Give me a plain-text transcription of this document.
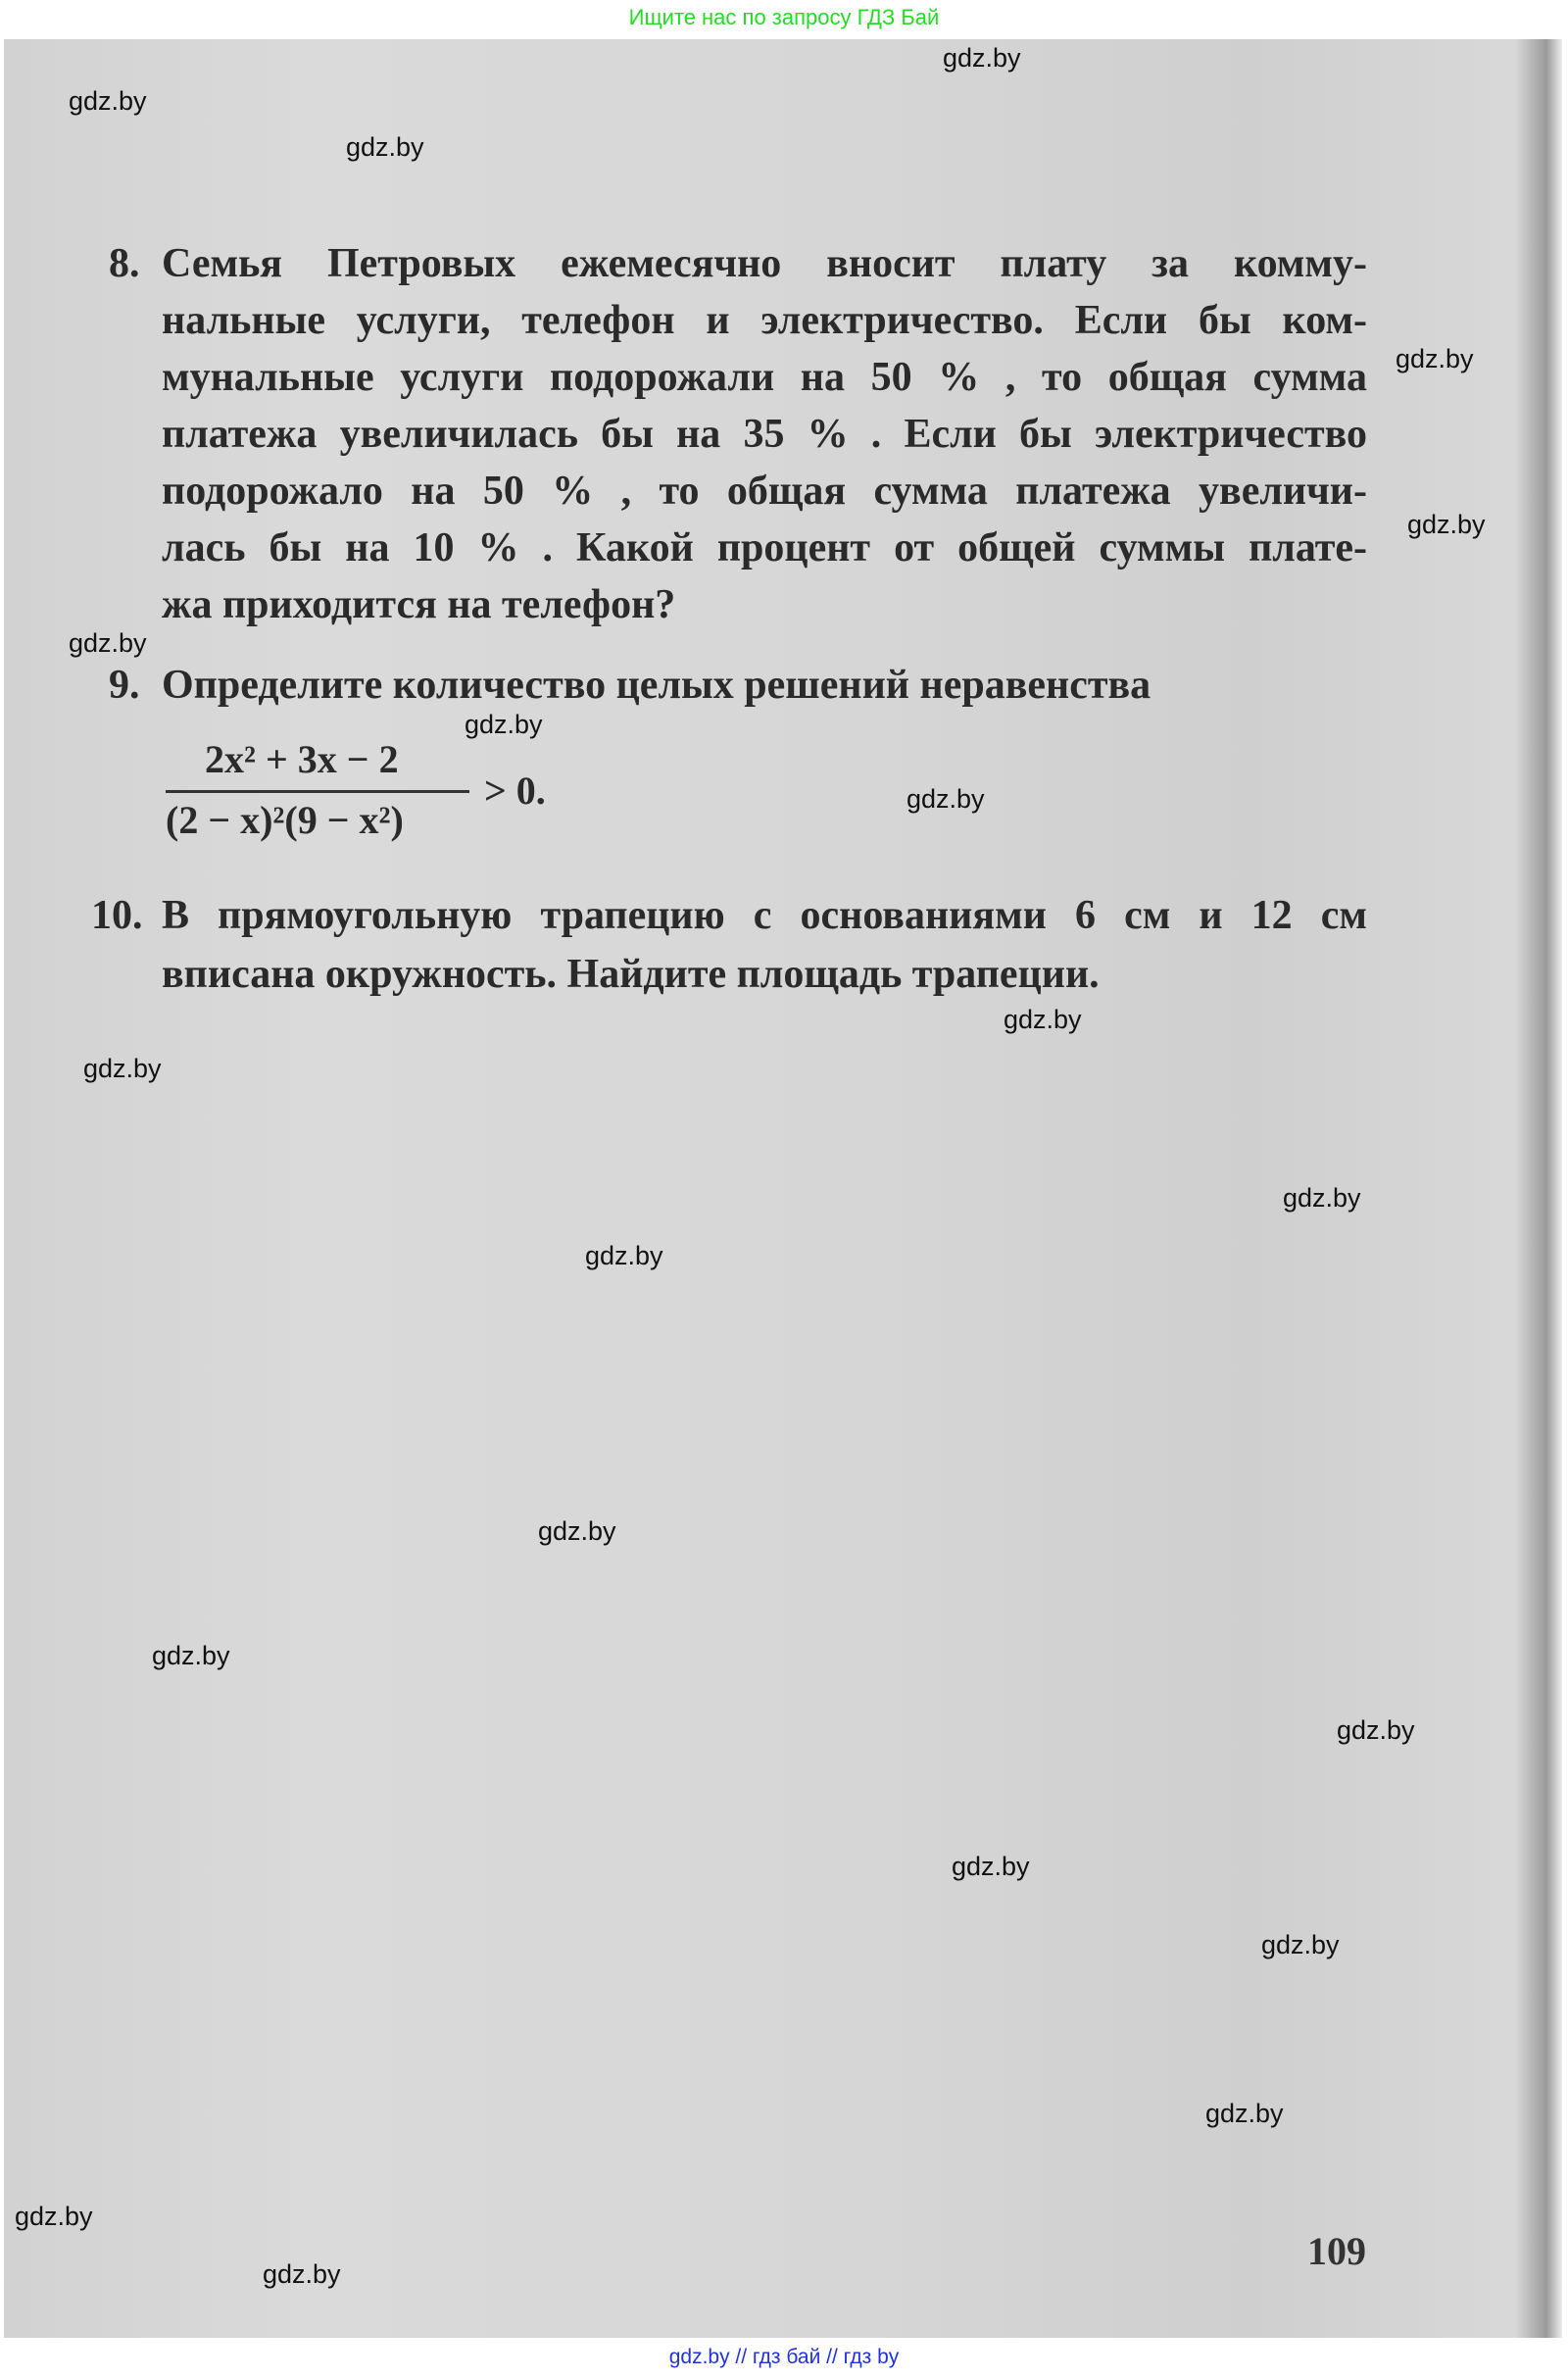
Ищите нас по запросу ГДЗ Бай
8. Семья Петровых ежемесячно вносит плату за комму-
нальные услуги, телефон и электричество. Если бы ком-
мунальные услуги подорожали на 50 % , то общая сумма
платежа увеличилась бы на 35 % . Если бы электричество
подорожало на 50 % , то общая сумма платежа увеличи-
лась бы на 10 % . Какой процент от общей суммы плате-
жа приходится на телефон?
9. Определите количество целых решений неравенства
2x² + 3x − 2
(2 − x)²(9 − x²)
> 0.
10. В прямоугольную трапецию с основаниями 6 см и 12 см
вписана окружность. Найдите площадь трапеции.
109
gdz.by
gdz.by
gdz.by
gdz.by
gdz.by
gdz.by
gdz.by
gdz.by
gdz.by
gdz.by
gdz.by
gdz.by
gdz.by
gdz.by
gdz.by
gdz.by
gdz.by
gdz.by
gdz.by
gdz.by
gdz.by // гдз бай // гдз by
